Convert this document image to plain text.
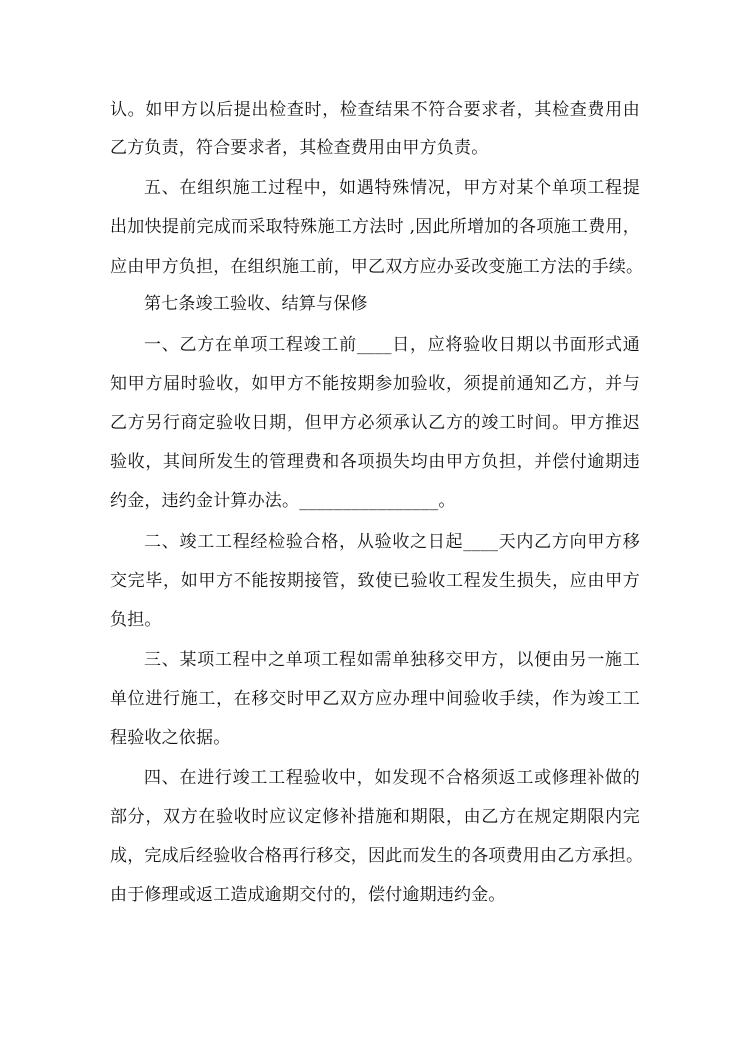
认。如甲方以后提出检查时，检查结果不符合要求者，其检查费用由
乙方负责，符合要求者，其检查费用由甲方负责。
五、在组织施工过程中，如遇特殊情况，甲方对某个单项工程提
出加快提前完成而采取特殊施工方法时 ,因此所增加的各项施工费用，
应由甲方负担，在组织施工前，甲乙双方应办妥改变施工方法的手续。
第七条竣工验收、结算与保修
一、乙方在单项工程竣工前____日，应将验收日期以书面形式通
知甲方届时验收，如甲方不能按期参加验收，须提前通知乙方，并与
乙方另行商定验收日期，但甲方必须承认乙方的竣工时间。甲方推迟
验收，其间所发生的管理费和各项损失均由甲方负担，并偿付逾期违
约金，违约金计算办法。________________。
二、竣工工程经检验合格，从验收之日起____天内乙方向甲方移
交完毕，如甲方不能按期接管，致使已验收工程发生损失，应由甲方
负担。
三、某项工程中之单项工程如需单独移交甲方，以便由另一施工
单位进行施工，在移交时甲乙双方应办理中间验收手续，作为竣工工
程验收之依据。
四、在进行竣工工程验收中，如发现不合格须返工或修理补做的
部分，双方在验收时应议定修补措施和期限，由乙方在规定期限内完
成，完成后经验收合格再行移交，因此而发生的各项费用由乙方承担。
由于修理或返工造成逾期交付的，偿付逾期违约金。
